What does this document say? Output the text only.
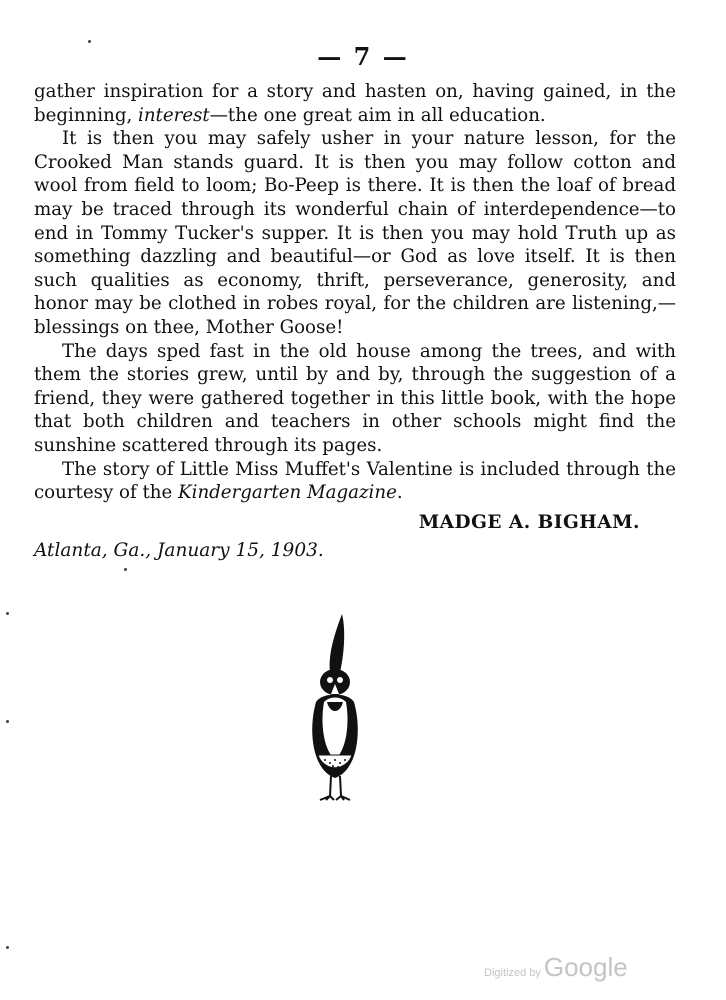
— 7 —

gather inspiration for a story and hasten on, having gained, in the beginning, interest—the one great aim in all education.

It is then you may safely usher in your nature lesson, for the Crooked Man stands guard. It is then you may follow cotton and wool from field to loom; Bo-Peep is there. It is then the loaf of bread may be traced through its wonderful chain of interdependence—to end in Tommy Tucker's supper. It is then you may hold Truth up as something dazzling and beautiful—or God as love itself. It is then such qualities as economy, thrift, perseverance, generosity, and honor may be clothed in robes royal, for the children are listening,—blessings on thee, Mother Goose!

The days sped fast in the old house among the trees, and with them the stories grew, until by and by, through the suggestion of a friend, they were gathered together in this little book, with the hope that both children and teachers in other schools might find the sunshine scattered through its pages.

The story of Little Miss Muffet's Valentine is included through the courtesy of the Kindergarten Magazine.

MADGE A. BIGHAM.
Atlanta, Ga., January 15, 1903.
Digitized by Google
